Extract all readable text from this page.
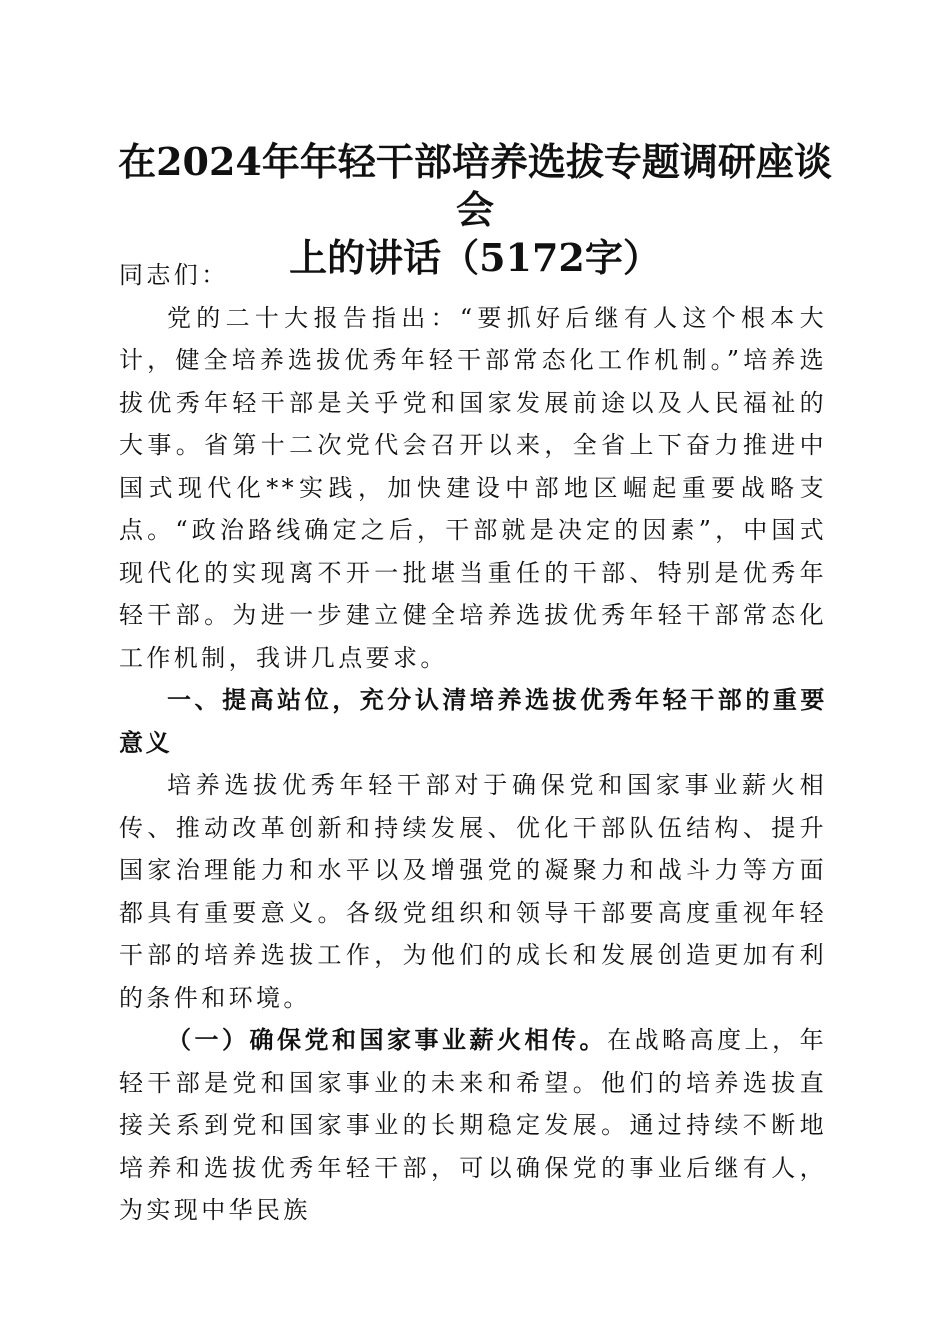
在2024年年轻干部培养选拔专题调研座谈会
上的讲话（5172字）

同志们：

党的二十大报告指出：“要抓好后继有人这个根本大计，健全培养选拔优秀年轻干部常态化工作机制。”培养选拔优秀年轻干部是关乎党和国家发展前途以及人民福祉的大事。省第十二次党代会召开以来，全省上下奋力推进中国式现代化**实践，加快建设中部地区崛起重要战略支点。“政治路线确定之后，干部就是决定的因素”，中国式现代化的实现离不开一批堪当重任的干部、特别是优秀年轻干部。为进一步建立健全培养选拔优秀年轻干部常态化工作机制，我讲几点要求。

一、提高站位，充分认清培养选拔优秀年轻干部的重要意义

培养选拔优秀年轻干部对于确保党和国家事业薪火相传、推动改革创新和持续发展、优化干部队伍结构、提升国家治理能力和水平以及增强党的凝聚力和战斗力等方面都具有重要意义。各级党组织和领导干部要高度重视年轻干部的培养选拔工作，为他们的成长和发展创造更加有利的条件和环境。

（一）确保党和国家事业薪火相传。在战略高度上，年轻干部是党和国家事业的未来和希望。他们的培养选拔直接关系到党和国家事业的长期稳定发展。通过持续不断地培养和选拔优秀年轻干部，可以确保党的事业后继有人，为实现中华民族
